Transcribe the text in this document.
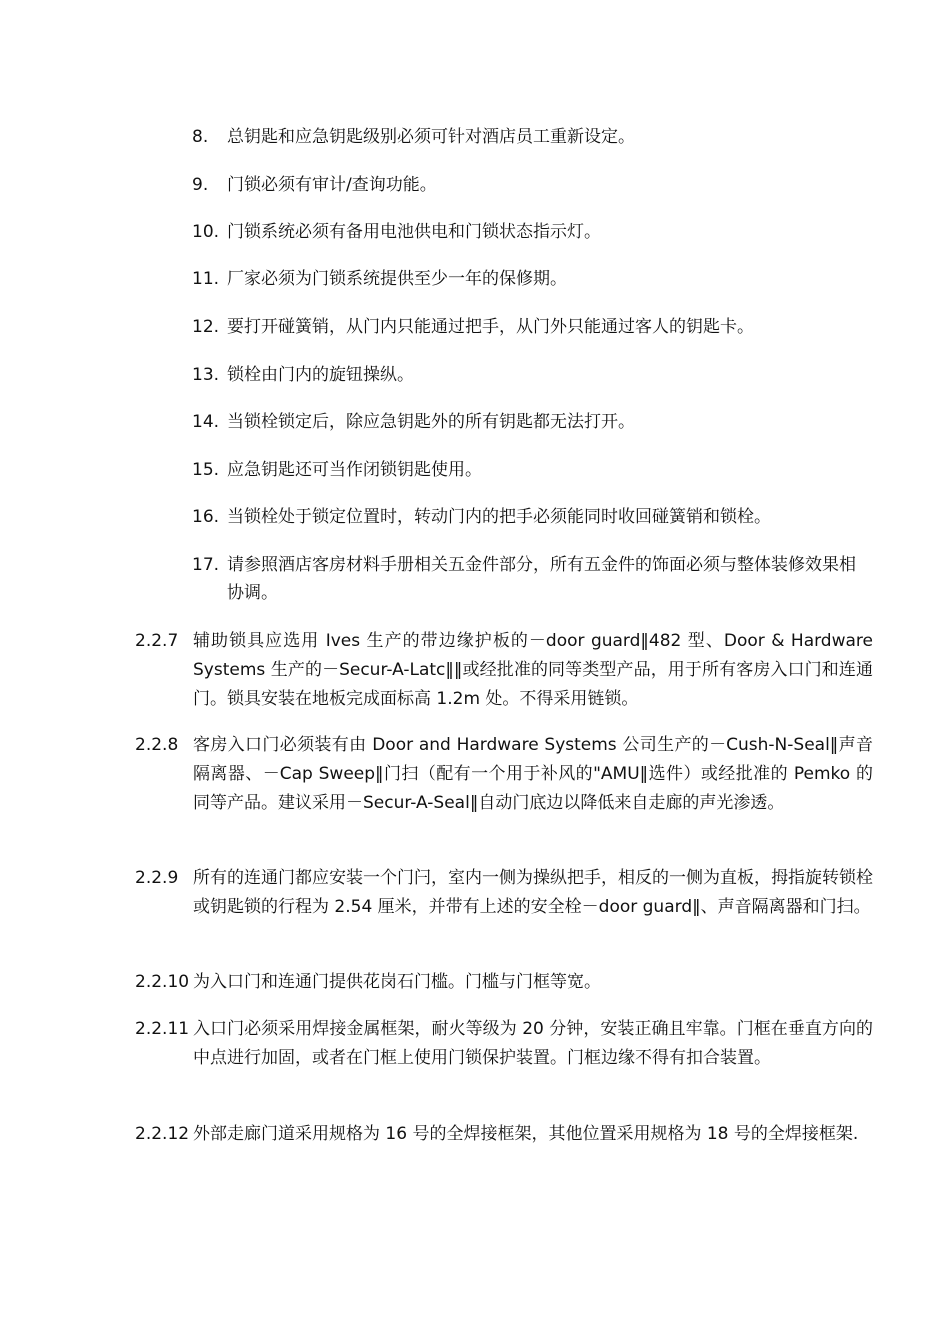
8.	总钥匙和应急钥匙级别必须可针对酒店员工重新设定。
9.	门锁必须有审计/查询功能。
10. 门锁系统必须有备用电池供电和门锁状态指示灯。
11. 厂家必须为门锁系统提供至少一年的保修期。
12. 要打开碰簧销，从门内只能通过把手，从门外只能通过客人的钥匙卡。
13. 锁栓由门内的旋钮操纵。
14. 当锁栓锁定后，除应急钥匙外的所有钥匙都无法打开。
15. 应急钥匙还可当作闭锁钥匙使用。
16. 当锁栓处于锁定位置时，转动门内的把手必须能同时收回碰簧销和锁栓。
17. 请参照酒店客房材料手册相关五金件部分，所有五金件的饰面必须与整体装修效果相协调。
2.2.7 辅助锁具应选用 Ives 生产的带边缘护板的－door guard‖482 型、Door & Hardware Systems 生产的－Secur-A-Latc‖‖或经批准的同等类型产品，用于所有客房入口门和连通门。锁具安装在地板完成面标高 1.2m 处。不得采用链锁。
2.2.8 客房入口门必须装有由 Door and Hardware Systems 公司生产的－Cush-N-Seal‖声音隔离器、－Cap Sweep‖门扫（配有一个用于补风的"AMU‖选件）或经批准的 Pemko 的同等产品。建议采用－Secur-A-Seal‖自动门底边以降低来自走廊的声光渗透。
2.2.9 所有的连通门都应安装一个门闩，室内一侧为操纵把手，相反的一侧为直板，拇指旋转锁栓或钥匙锁的行程为 2.54 厘米，并带有上述的安全栓－door guard‖、声音隔离器和门扫。
2.2.10 为入口门和连通门提供花岗石门槛。门槛与门框等宽。
2.2.11 入口门必须采用焊接金属框架，耐火等级为 20 分钟，安装正确且牢靠。门框在垂直方向的中点进行加固，或者在门框上使用门锁保护装置。门框边缘不得有扣合装置。
2.2.12 外部走廊门道采用规格为 16 号的全焊接框架，其他位置采用规格为 18 号的全焊接框架.
